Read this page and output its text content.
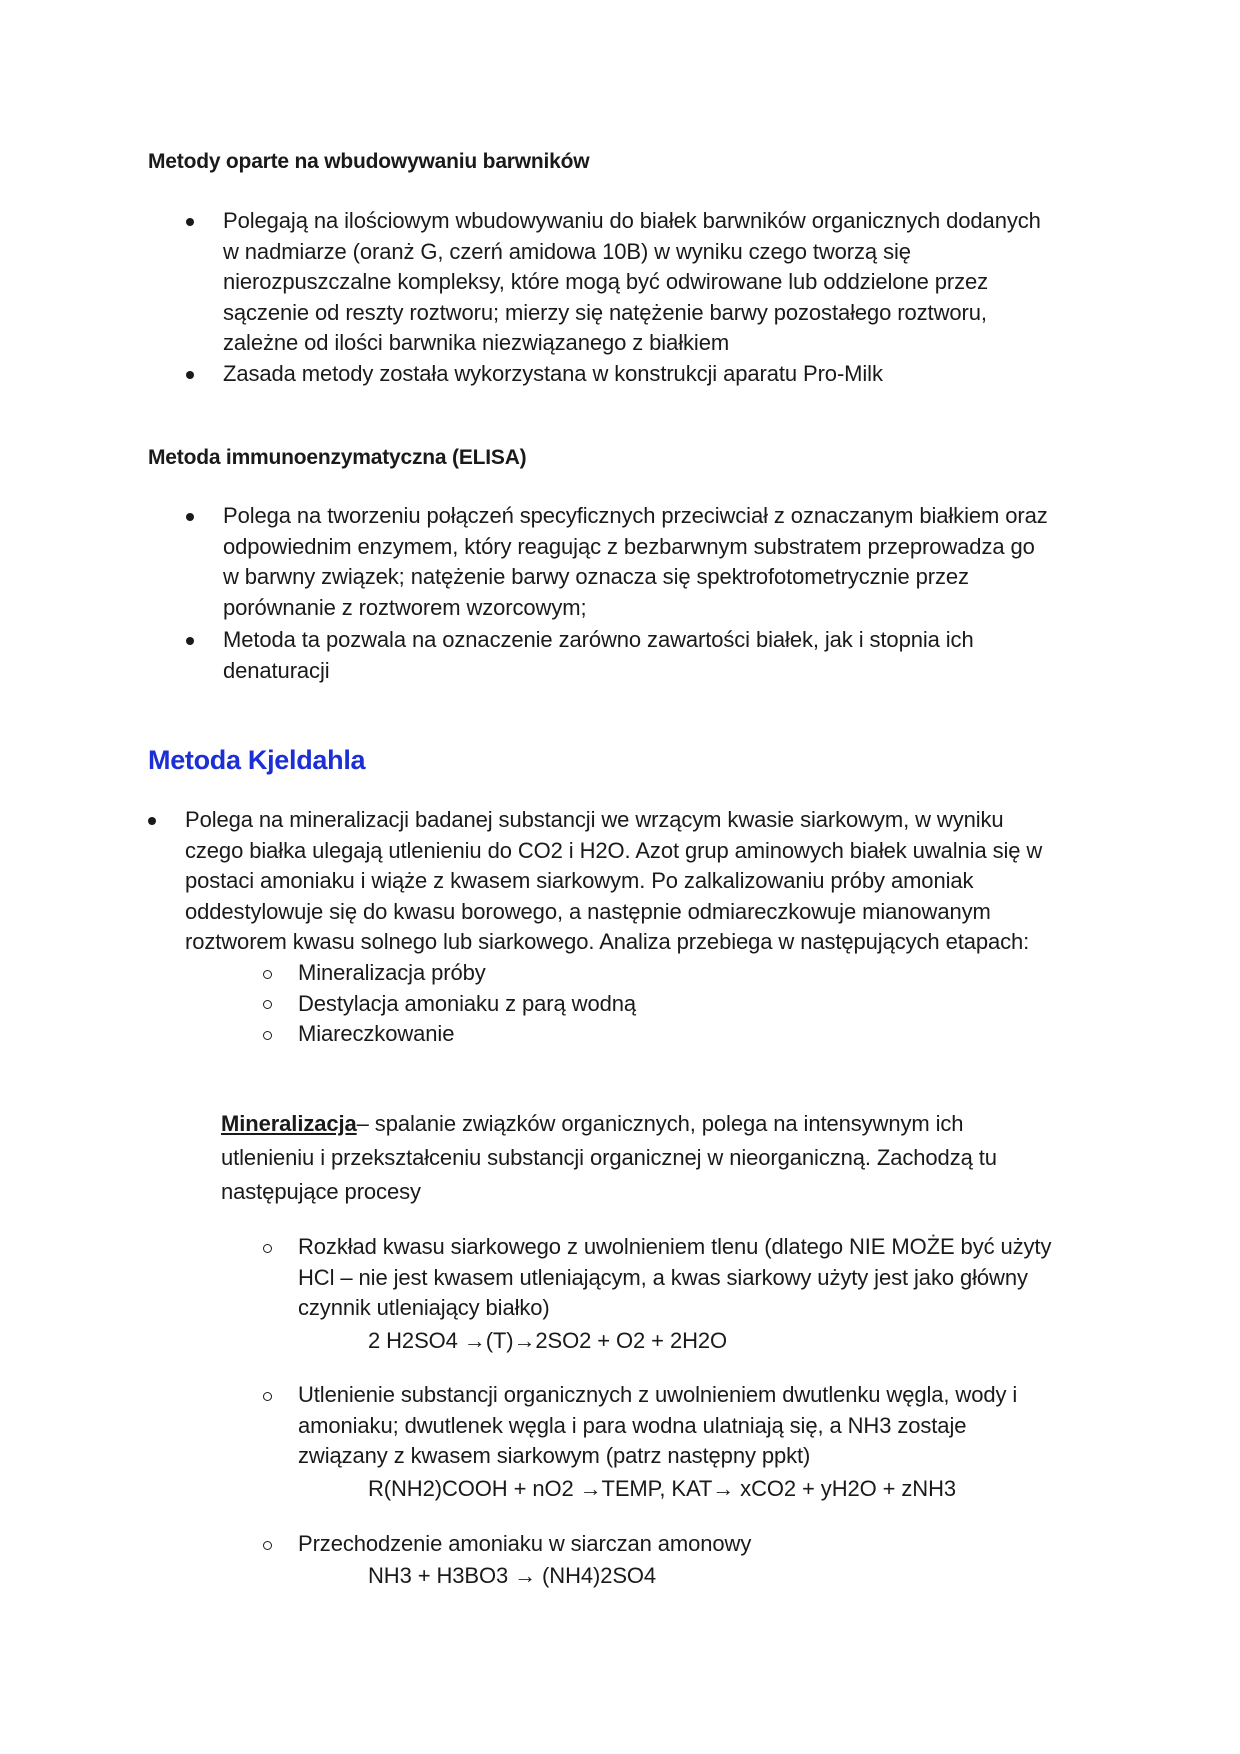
Metody oparte na wbudowywaniu barwników
Polegają na ilościowym wbudowywaniu do białek barwników organicznych dodanych
w nadmiarze (oranż G, czerń amidowa 10B) w wyniku czego tworzą się
nierozpuszczalne kompleksy, które mogą być odwirowane lub oddzielone przez
sączenie od reszty roztworu; mierzy się natężenie barwy pozostałego roztworu,
zależne od ilości barwnika niezwiązanego z białkiem
Zasada metody została wykorzystana w konstrukcji aparatu Pro-Milk
Metoda immunoenzymatyczna (ELISA)
Polega na tworzeniu połączeń specyficznych przeciwciał z oznaczanym białkiem oraz
odpowiednim enzymem, który reagując z bezbarwnym substratem przeprowadza go
w barwny związek; natężenie barwy oznacza się spektrofotometrycznie przez
porównanie z roztworem wzorcowym;
Metoda ta pozwala na oznaczenie zarówno zawartości białek, jak i stopnia ich
denaturacji
Metoda Kjeldahla
Polega na mineralizacji badanej substancji we wrzącym kwasie siarkowym, w wyniku
czego białka ulegają utlenieniu do CO2 i H2O. Azot grup aminowych białek uwalnia się w
postaci amoniaku i wiąże z kwasem siarkowym. Po zalkalizowaniu próby amoniak
oddestylowuje się do kwasu borowego, a następnie odmiareczkowuje mianowanym
roztworem kwasu solnego lub siarkowego. Analiza przebiega w następujących etapach:
Mineralizacja próby
Destylacja amoniaku z parą wodną
Miareczkowanie
Mineralizacja– spalanie związków organicznych, polega na intensywnym ich
utlenieniu i przekształceniu substancji organicznej w nieorganiczną. Zachodzą tu
następujące procesy
Rozkład kwasu siarkowego z uwolnieniem tlenu (dlatego NIE MOŻE być użyty
HCl – nie jest kwasem utleniającym, a kwas siarkowy użyty jest jako główny
czynnik utleniający białko)
2 H2SO4 →(T)→2SO2 + O2 + 2H2O
Utlenienie substancji organicznych z uwolnieniem dwutlenku węgla, wody i
amoniaku; dwutlenek węgla i para wodna ulatniają się, a NH3 zostaje
związany z kwasem siarkowym (patrz następny ppkt)
R(NH2)COOH + nO2 →TEMP, KAT→ xCO2 + yH2O + zNH3
Przechodzenie amoniaku w siarczan amonowy
NH3 + H3BO3 → (NH4)2SO4
